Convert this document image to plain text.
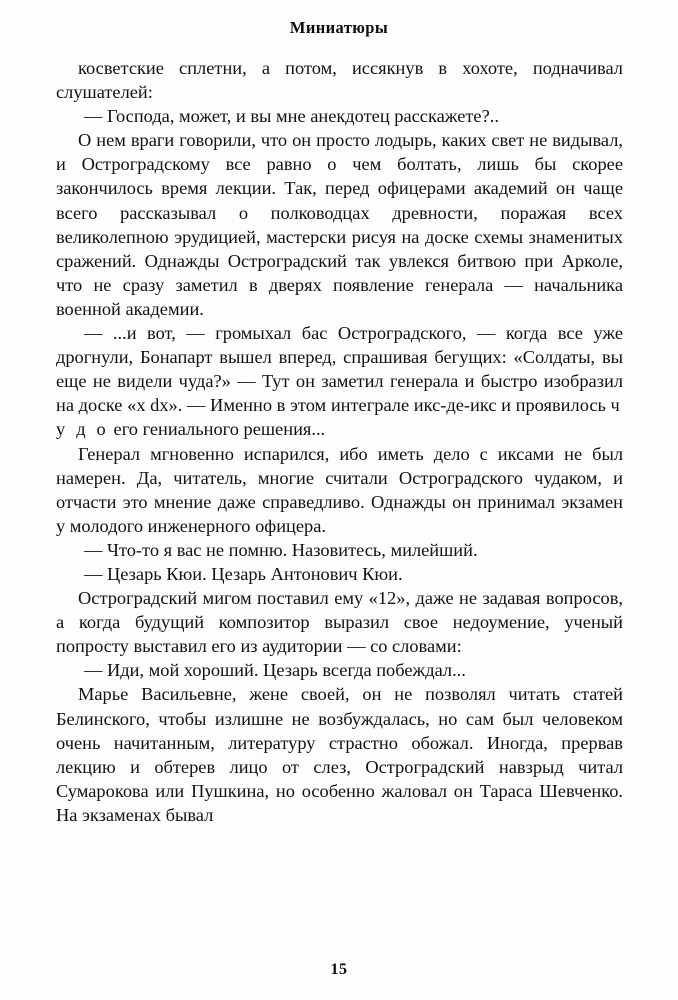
Миниатюры

косветские сплетни, а потом, иссякнув в хохоте, подначивал слушателей:

— Господа, может, и вы мне анекдотец расскажете?..

О нем враги говорили, что он просто лодырь, каких свет не видывал, и Остроградскому все равно о чем болтать, лишь бы скорее закончилось время лекции. Так, перед офицерами академий он чаще всего рассказывал о полководцах древности, поражая всех великолепною эрудицией, мастерски рисуя на доске схемы знаменитых сражений. Однажды Остроградский так увлекся битвою при Арколе, что не сразу заметил в дверях появление генерала — начальника военной академии.

— ...и вот, — громыхал бас Остроградского, — когда все уже дрогнули, Бонапарт вышел вперед, спрашивая бегущих: «Солдаты, вы еще не видели чуда?» — Тут он заметил генерала и быстро изобразил на доске «x dx». — Именно в этом интеграле икс-де-икс и проявилось ч у д о его гениального решения...

Генерал мгновенно испарился, ибо иметь дело с иксами не был намерен. Да, читатель, многие считали Остроградского чудаком, и отчасти это мнение даже справедливо. Однажды он принимал экзамен у молодого инженерного офицера.

— Что-то я вас не помню. Назовитесь, милейший.

— Цезарь Кюи. Цезарь Антонович Кюи.

Остроградский мигом поставил ему «12», даже не задавая вопросов, а когда будущий композитор выразил свое недоумение, ученый попросту выставил его из аудитории — со словами:

— Иди, мой хороший. Цезарь всегда побеждал...

Марье Васильевне, жене своей, он не позволял читать статей Белинского, чтобы излишне не возбуждалась, но сам был человеком очень начитанным, литературу страстно обожал. Иногда, прервав лекцию и обтерев лицо от слез, Остроградский навзрыд читал Сумарокова или Пушкина, но особенно жаловал он Тараса Шевченко. На экзаменах бывал

15
